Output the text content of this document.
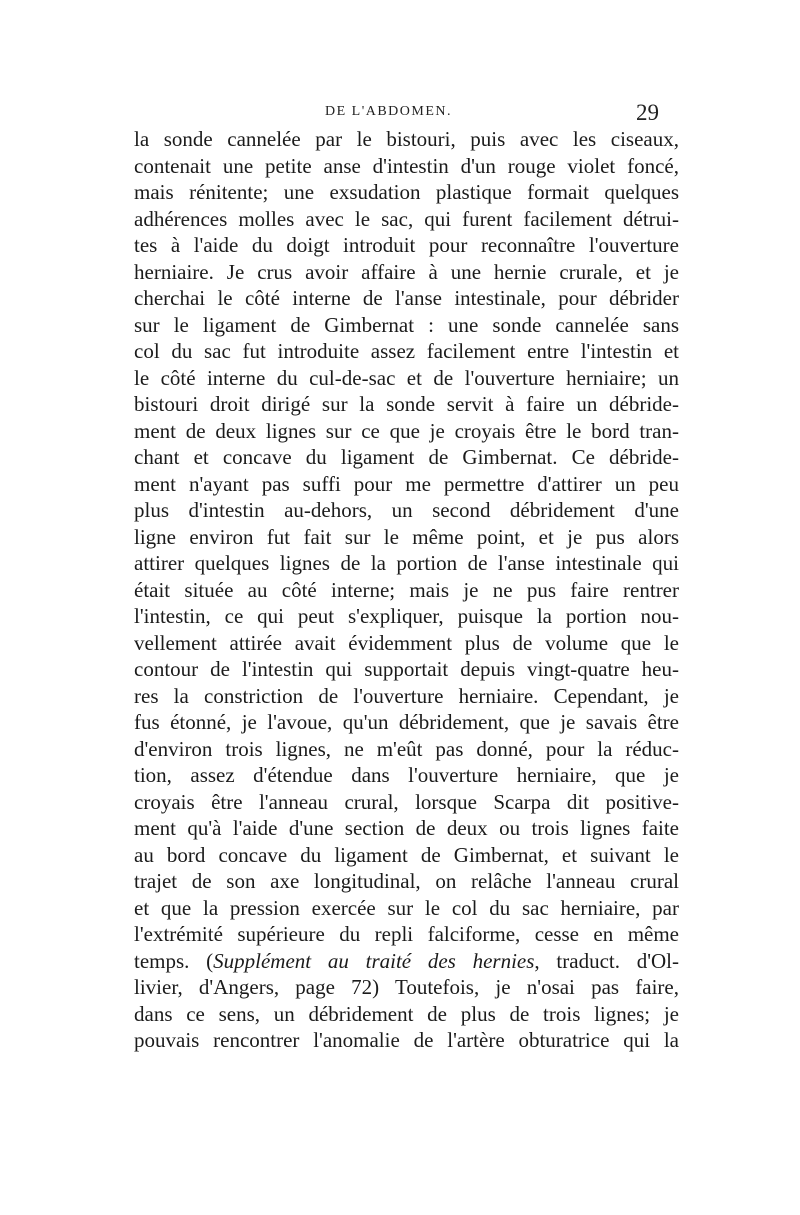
DE L'ABDOMEN.	29
la sonde cannelée par le bistouri, puis avec les ciseaux,
contenait une petite anse d'intestin d'un rouge violet foncé,
mais rénitente; une exsudation plastique formait quelques
adhérences molles avec le sac, qui furent facilement détrui-
tes à l'aide du doigt introduit pour reconnaître l'ouverture
herniaire. Je crus avoir affaire à une hernie crurale, et je
cherchai le côté interne de l'anse intestinale, pour débrider
sur le ligament de Gimbernat : une sonde cannelée sans
col du sac fut introduite assez facilement entre l'intestin et
le côté interne du cul-de-sac et de l'ouverture herniaire; un
bistouri droit dirigé sur la sonde servit à faire un débride-
ment de deux lignes sur ce que je croyais être le bord tran-
chant et concave du ligament de Gimbernat. Ce débride-
ment n'ayant pas suffi pour me permettre d'attirer un peu
plus d'intestin au-dehors, un second débridement d'une
ligne environ fut fait sur le même point, et je pus alors
attirer quelques lignes de la portion de l'anse intestinale qui
était située au côté interne; mais je ne pus faire rentrer
l'intestin, ce qui peut s'expliquer, puisque la portion nou-
vellement attirée avait évidemment plus de volume que le
contour de l'intestin qui supportait depuis vingt-quatre heu-
res la constriction de l'ouverture herniaire. Cependant, je
fus étonné, je l'avoue, qu'un débridement, que je savais être
d'environ trois lignes, ne m'eût pas donné, pour la réduc-
tion, assez d'étendue dans l'ouverture herniaire, que je
croyais être l'anneau crural, lorsque Scarpa dit positive-
ment qu'à l'aide d'une section de deux ou trois lignes faite
au bord concave du ligament de Gimbernat, et suivant le
trajet de son axe longitudinal, on relâche l'anneau crural
et que la pression exercée sur le col du sac herniaire, par
l'extrémité supérieure du repli falciforme, cesse en même
temps. (Supplément au traité des hernies, traduct. d'Ol-
livier, d'Angers, page 72) Toutefois, je n'osai pas faire,
dans ce sens, un débridement de plus de trois lignes; je
pouvais rencontrer l'anomalie de l'artère obturatrice qui la
